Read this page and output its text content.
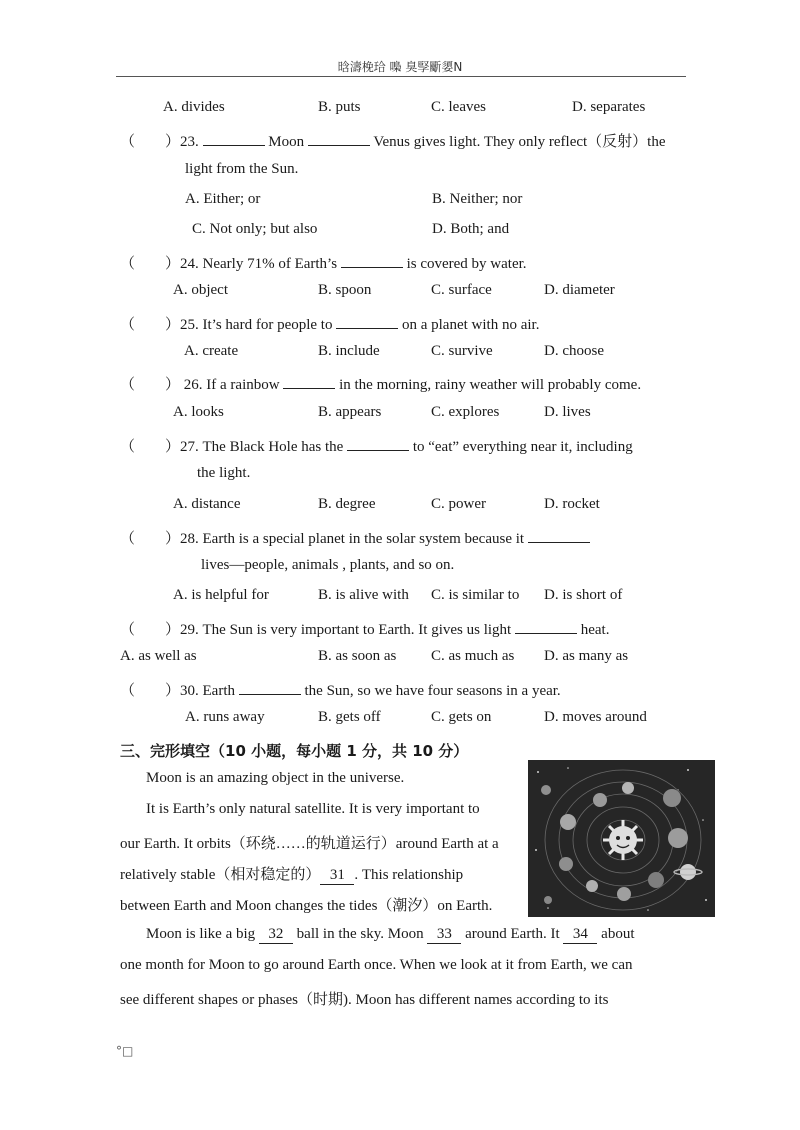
晗濤梚珨 嘄 臭孯斸嬃N
A. divides	B. puts	C. leaves	D. separates
（　　）23.	Moon	Venus gives light. They only reflect（反射）the
light from the Sun.
A. Either; or	B. Neither; nor
C. Not only; but also	D. Both; and
（　　）24. Nearly 71% of Earth’s	is covered by water.
A. object	B. spoon	C. surface	D. diameter
（　　）25. It’s hard for people to	on a planet with no air.
A. create	B. include	C. survive	D. choose
（　　） 26. If a rainbow	in the morning, rainy weather will probably come.
A. looks	B. appears	C. explores	D. lives
（　　）27. The Black Hole has the	to “eat” everything near it, including
the light.
A. distance	B. degree	C. power	D. rocket
（　　）28. Earth is a special planet in the solar system because it
lives—people, animals , plants, and so on.
A. is helpful for	B. is alive with C. is similar to D. is short of
（　　）29. The Sun is very important to Earth. It gives us light	heat.
A. as well as	B. as soon as C. as much as D. as many as
（　　）30. Earth	the Sun, so we have four seasons in a year.
A. runs away	B. gets off	C. gets on	D. moves around
三、完形填空（10 小题，每小题 1 分，共 10 分）
Moon is an amazing object in the universe.
It is Earth’s only natural satellite. It is very important to
our Earth. It orbits（环绕……的轨道运行）around Earth at a
relatively stable（相对稳定的） 31 . This relationship
between Earth and Moon changes the tides（潮汐）on Earth.
Moon is like a big 32 ball in the sky. Moon 33 around Earth. It 34 about
one month for Moon to go around Earth once. When we look at it from Earth, we can
see different shapes or phases（时期). Moon has different names according to its
°□
